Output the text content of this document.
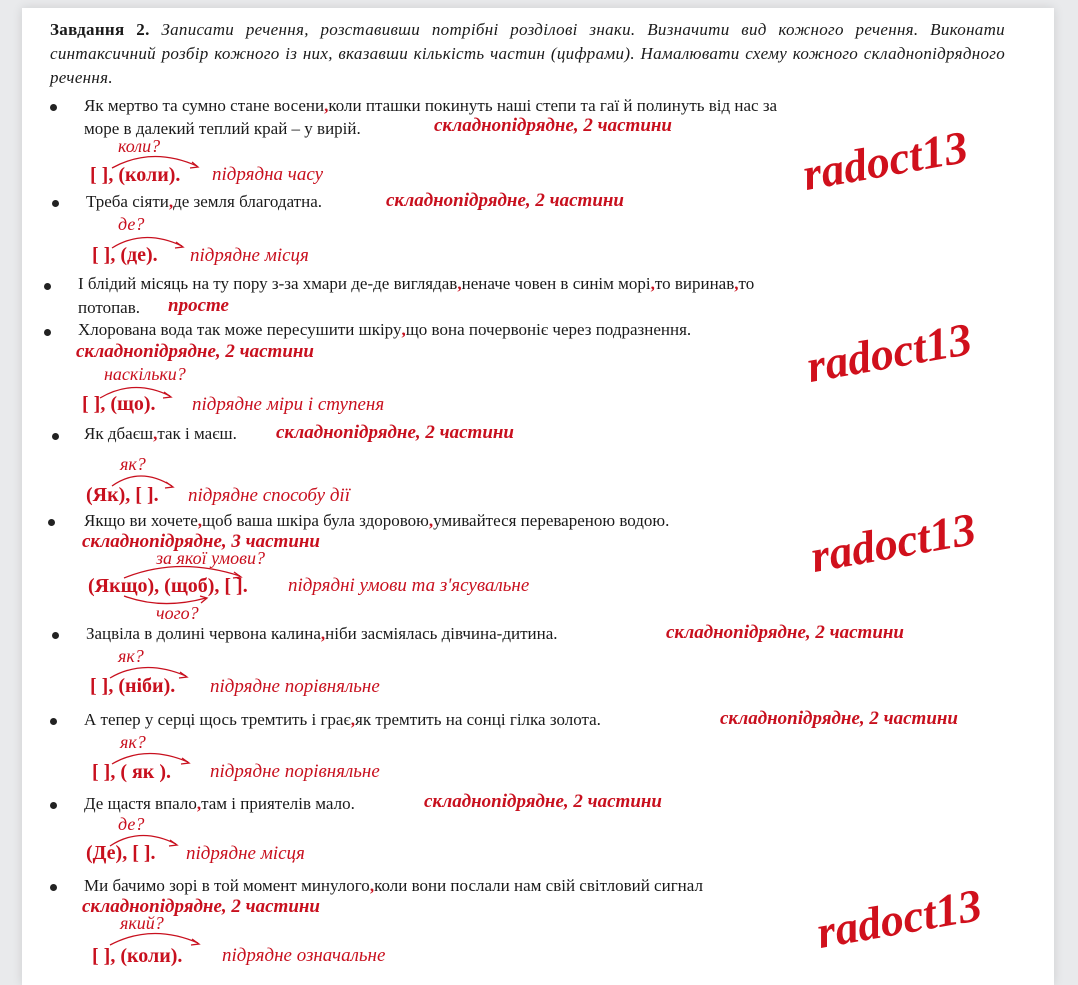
Завдання 2. Записати речення, розставивши потрібні розділові знаки. Визначити вид кожного речення. Виконати синтаксичний розбір кожного із них, вказавши кількість частин (цифрами). Намалювати схему кожного складнопідрядного речення.
Як мертво та сумно стане восени,коли пташки покинуть наші степи та гаї й полинуть від нас за
море в далекий теплий край – у вирій.	складнопідрядне, 2 частини
коли?
[ ], (коли). підрядна часу	radoct13
Треба сіяти,де земля благодатна.	складнопідрядне, 2 частини
де?
[ ], (де). підрядне місця
І блідий місяць на ту пору з-за хмари де-де виглядав,неначе човен в синім морі,то виринав,то
потопав. просте
Хлорована вода так може пересушити шкіру,що вона почервоніє через подразнення.
складнопідрядне, 2 частини
наскільки?
[ ], (що). підрядне міри і ступеня
radoct13
Як дбаєш,так і маєш. складнопідрядне, 2 частини
як?
(Як), [ ]. підрядне способу дії
Якщо ви хочете,щоб ваша шкіра була здоровою,умивайтеся переваренoю водою.
складнопідрядне, 3 частини
за якої умови?
(Якщо), (щоб), [ ]. підрядні умови та з'ясувальне
чого?
radoct13
Зацвіла в долині червона калина,ніби засміялась дівчина-дитина.	складнопідрядне, 2 частини
як?
[ ], (ніби). підрядне порівняльне
А тепер у серці щось тремтить і грає,як тремтить на сонці гілка золота.	складнопідрядне, 2 частини
як?
[ ], ( як ). підрядне порівняльне
Де щастя впало,там і приятелів мало.	складнопідрядне, 2 частини
де?
(Де), [ ]. підрядне місця
Ми бачимо зорі в той момент минулого,коли вони послали нам свій світловий сигнал
складнопідрядне, 2 частини
який?
[ ], (коли). підрядне означальне	radoct13
